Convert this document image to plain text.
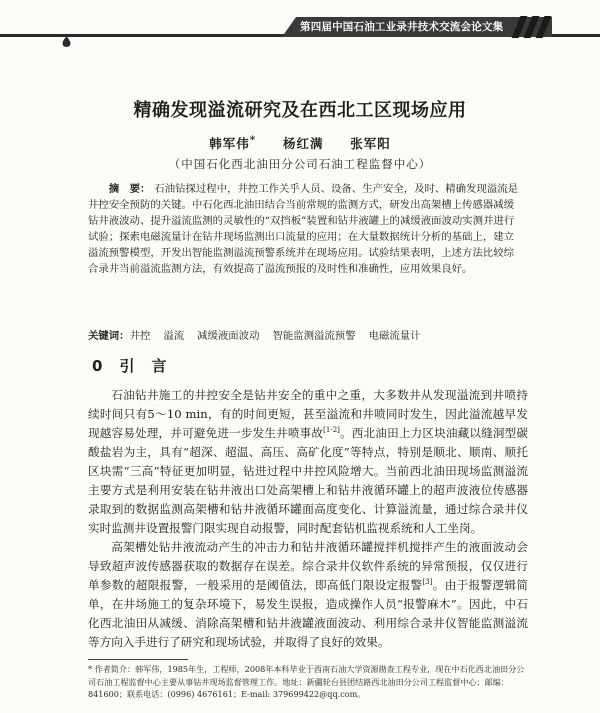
第四届中国石油工业录井技术交流会论文集
精确发现溢流研究及在西北工区现场应用
韩军伟* 杨红满 张军阳
（中国石化西北油田分公司石油工程监督中心）
摘　要： 石油钻探过程中，井控工作关乎人员、设备、生产安全，及时、精确发现溢流是井控安全预防的关键。中石化西北油田结合当前常规的监测方式，研发出高架槽上传感器减缓钻井液波动、提升溢流监测的灵敏性的“双挡板”装置和钻井液罐上的减缓液面波动实测并进行试验；探索电磁流量计在钻井现场监测出口流量的应用；在大量数据统计分析的基础上，建立溢流预警模型，开发出智能监测溢流预警系统并在现场应用。试验结果表明，上述方法比较综合录井当前溢流监测方法，有效提高了溢流预报的及时性和准确性，应用效果良好。
关键词：井控 溢流 减缓液面波动 智能监测溢流预警 电磁流量计
0 引　言

石油钻井施工的井控安全是钻井安全的重中之重，大多数井从发现溢流到井喷持续时间只有5～10 min，有的时间更短，甚至溢流和井喷同时发生，因此溢流越早发现越容易处理，并可避免进一步发生井喷事故[1-2]。西北油田上力区块油藏以缝洞型碳酸盐岩为主，具有“超深、超温、高压、高矿化度”等特点，特别是顺北、顺南、顺托区块需“三高”特征更加明显，钻进过程中井控风险增大。当前西北油田现场监测溢流主要方式是利用安装在钻井液出口处高架槽上和钻井液循环罐上的超声波液位传感器录取到的数据监测高架槽和钻井液循环罐面高度变化、计算溢流量，通过综合录井仪实时监测井设置报警门限实现自动报警，同时配套钻机监视系统和人工坐岗。

高架槽处钻井液流动产生的冲击力和钻井液循环罐搅拌机搅拌产生的液面波动会导致超声波传感器获取的数据存在误差。综合录井仪软件系统的异常预报，仅仅进行单参数的超限报警，一般采用的是阈值法，即高低门限设定报警[3]。由于报警逻辑简单，在井场施工的复杂环境下，易发生误报，造成操作人员“报警麻木”。因此，中石化西北油田从减缓、消除高架槽和钻井液罐液面波动、利用综合录井仪智能监测溢流等方向入手进行了研究和现场试验，并取得了良好的效果。

* 作者简介：韩军伟，1985年生，工程师，2008年本科毕业于西南石油大学资源勘查工程专业，现在中石化西北油田分公司石油工程监督中心主要从事钻井现场监督管理工作。地址：新疆轮台县团结路西北油田分公司工程监督中心；邮编：841600；联系电话：(0996) 4676161；E-mail: 379699422@qq.com。
